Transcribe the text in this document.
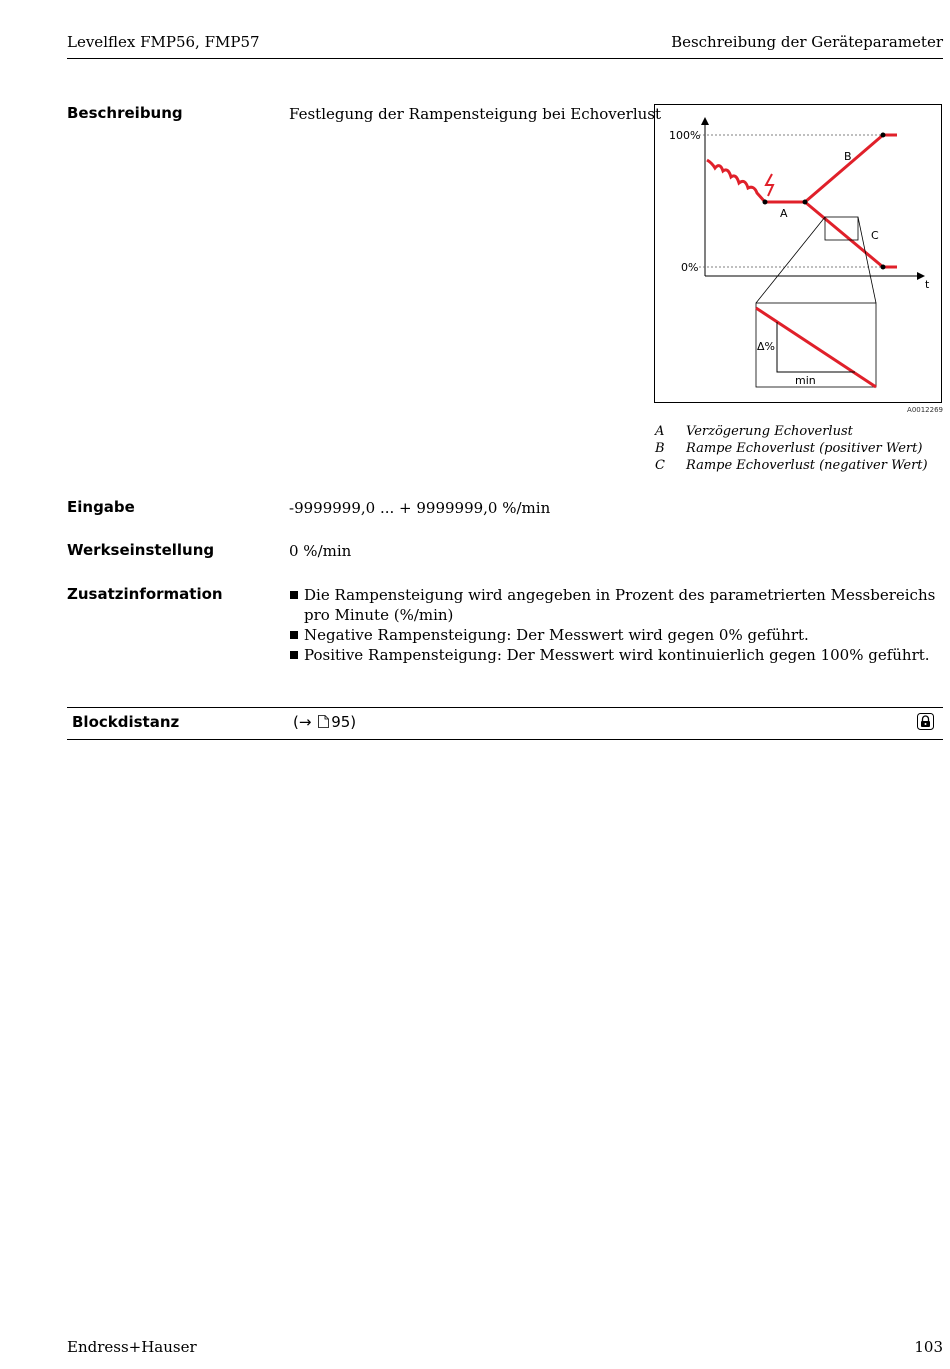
Levelflex FMP56, FMP57	Beschreibung der Geräteparameter
Beschreibung	Festlegung der Rampensteigung bei Echoverlust
100%
0%
t
A
B
C
Δ%
min
A0012269
A Verzögerung Echoverlust
B Rampe Echoverlust (positiver Wert)
C Rampe Echoverlust (negativer Wert)
Eingabe	-9999999,0 ... + 9999999,0 %/min
Werkseinstellung	0 %/min
Zusatzinformation	Die Rampensteigung wird angegeben in Prozent des parametrierten Messbereichs pro Minute (%/min)
Negative Rampensteigung: Der Messwert wird gegen 0% geführt.
Positive Rampensteigung: Der Messwert wird kontinuierlich gegen 100% geführt.
Blockdistanz	(→ 95)
Endress+Hauser	103
